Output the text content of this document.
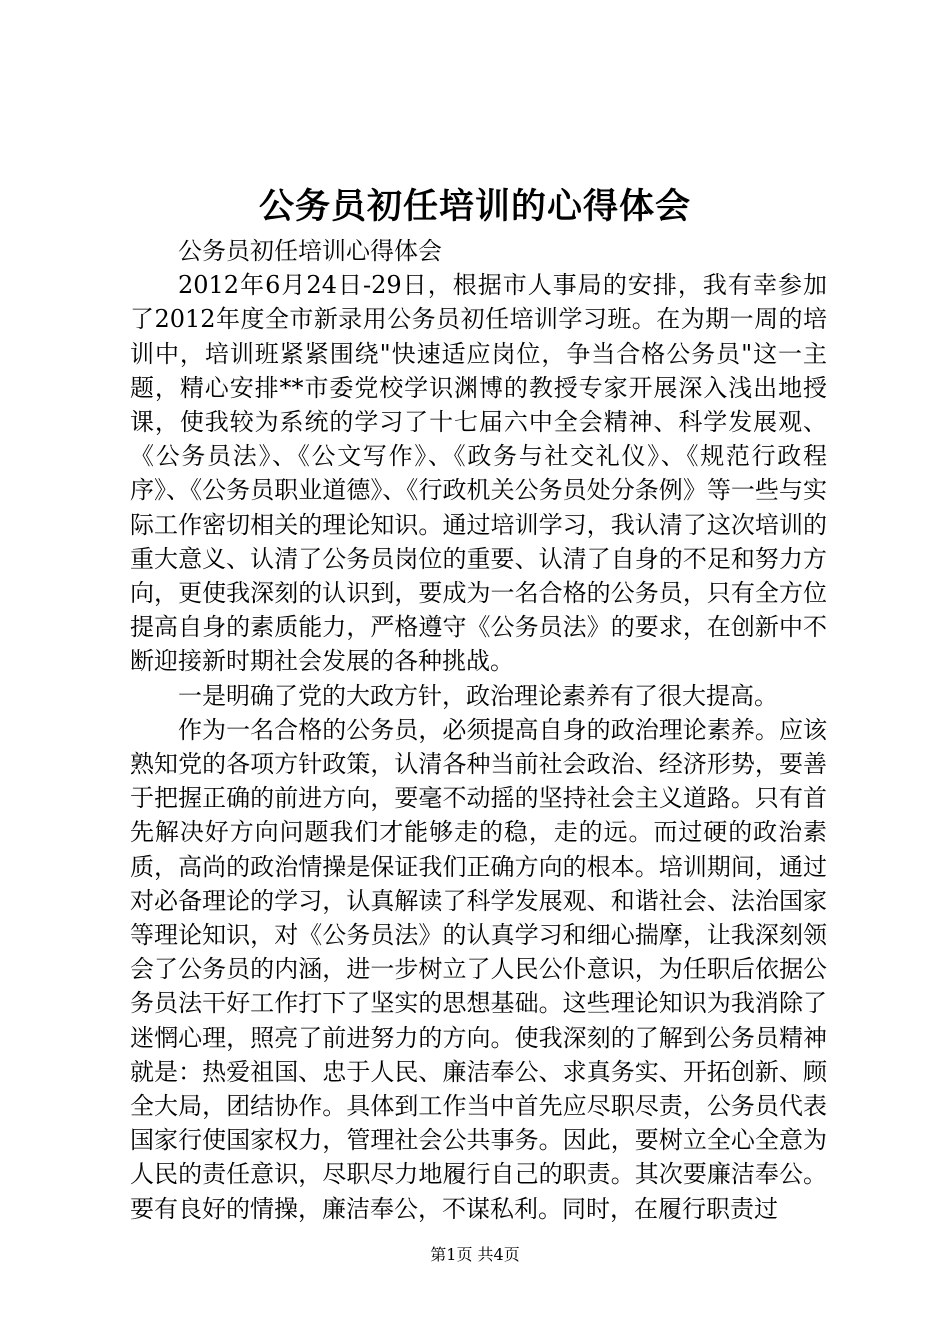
公务员初任培训的心得体会

公务员初任培训心得体会

2012年6月24日-29日，根据市人事局的安排，我有幸参加了2012年度全市新录用公务员初任培训学习班。在为期一周的培训中，培训班紧紧围绕"快速适应岗位，争当合格公务员"这一主题，精心安排**市委党校学识渊博的教授专家开展深入浅出地授课，使我较为系统的学习了十七届六中全会精神、科学发展观、《公务员法》、《公文写作》、《政务与社交礼仪》、《规范行政程序》、《公务员职业道德》、《行政机关公务员处分条例》等一些与实际工作密切相关的理论知识。通过培训学习，我认清了这次培训的重大意义、认清了公务员岗位的重要、认清了自身的不足和努力方向，更使我深刻的认识到，要成为一名合格的公务员，只有全方位提高自身的素质能力，严格遵守《公务员法》的要求，在创新中不断迎接新时期社会发展的各种挑战。

一是明确了党的大政方针，政治理论素养有了很大提高。

作为一名合格的公务员，必须提高自身的政治理论素养。应该熟知党的各项方针政策，认清各种当前社会政治、经济形势，要善于把握正确的前进方向，要毫不动摇的坚持社会主义道路。只有首先解决好方向问题我们才能够走的稳，走的远。而过硬的政治素质，高尚的政治情操是保证我们正确方向的根本。培训期间，通过对必备理论的学习，认真解读了科学发展观、和谐社会、法治国家等理论知识，对《公务员法》的认真学习和细心揣摩，让我深刻领会了公务员的内涵，进一步树立了人民公仆意识，为任职后依据公务员法干好工作打下了坚实的思想基础。这些理论知识为我消除了迷惘心理，照亮了前进努力的方向。使我深刻的了解到公务员精神就是：热爱祖国、忠于人民、廉洁奉公、求真务实、开拓创新、顾全大局，团结协作。具体到工作当中首先应尽职尽责，公务员代表国家行使国家权力，管理社会公共事务。因此，要树立全心全意为人民的责任意识，尽职尽力地履行自己的职责。其次要廉洁奉公。要有良好的情操，廉洁奉公，不谋私利。同时，在履行职责过

第1页 共4页
